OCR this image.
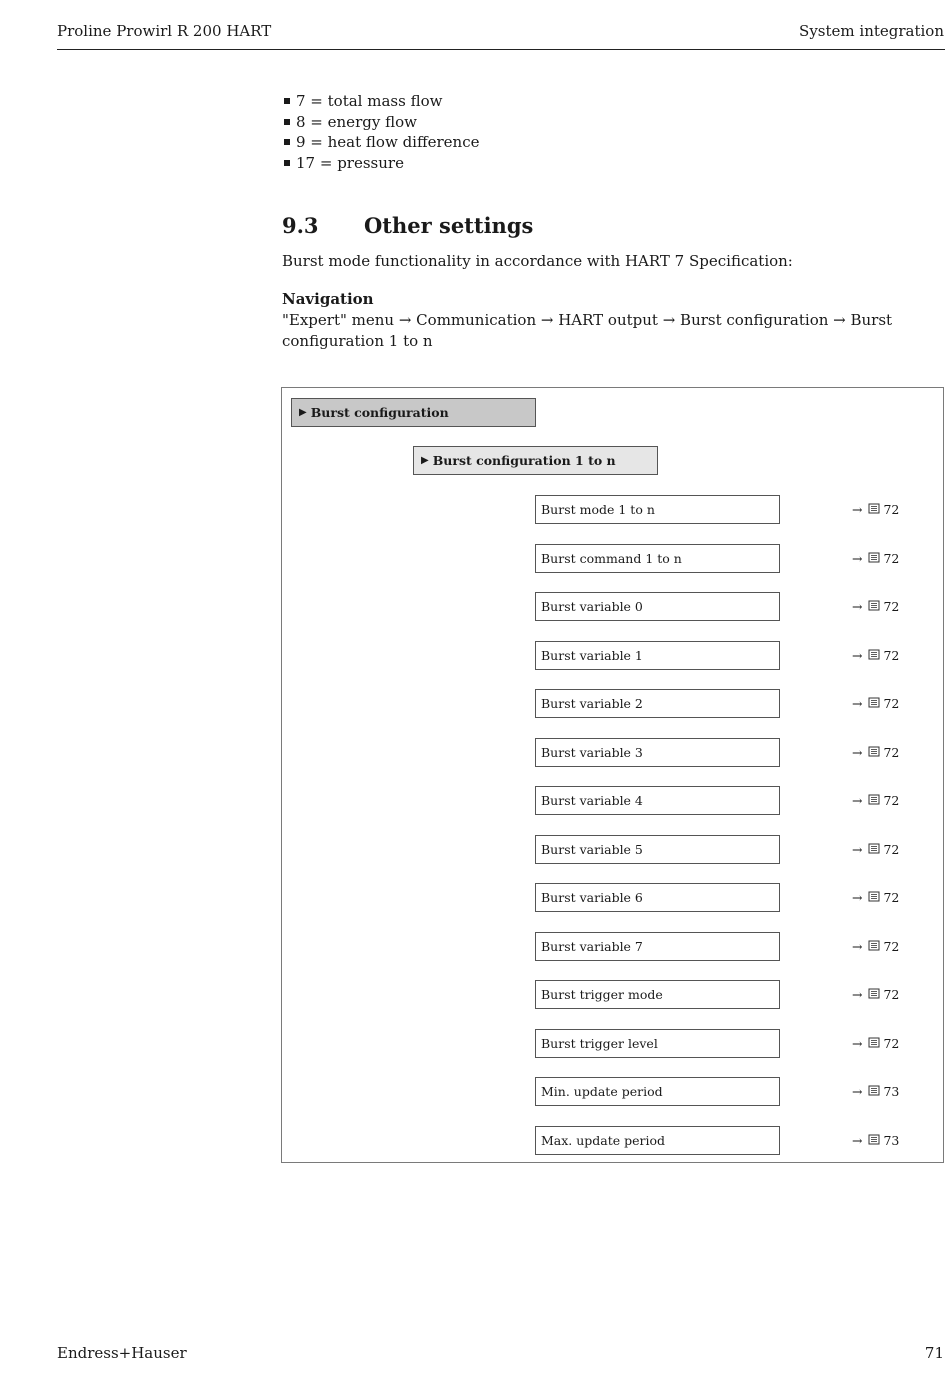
Proline Prowirl R 200 HART	System integration
7 = total mass flow
8 = energy flow
9 = heat flow difference
17 = pressure
9.3 Other settings
Burst mode functionality in accordance with HART 7 Specification:
Navigation
"Expert" menu → Communication → HART output → Burst configuration → Burst configuration 1 to n
▶ Burst configuration
▶ Burst configuration 1 to n
Burst mode 1 to n	→ 72
Burst command 1 to n	→ 72
Burst variable 0	→ 72
Burst variable 1	→ 72
Burst variable 2	→ 72
Burst variable 3	→ 72
Burst variable 4	→ 72
Burst variable 5	→ 72
Burst variable 6	→ 72
Burst variable 7	→ 72
Burst trigger mode	→ 72
Burst trigger level	→ 72
Min. update period	→ 73
Max. update period	→ 73
Endress+Hauser	71
